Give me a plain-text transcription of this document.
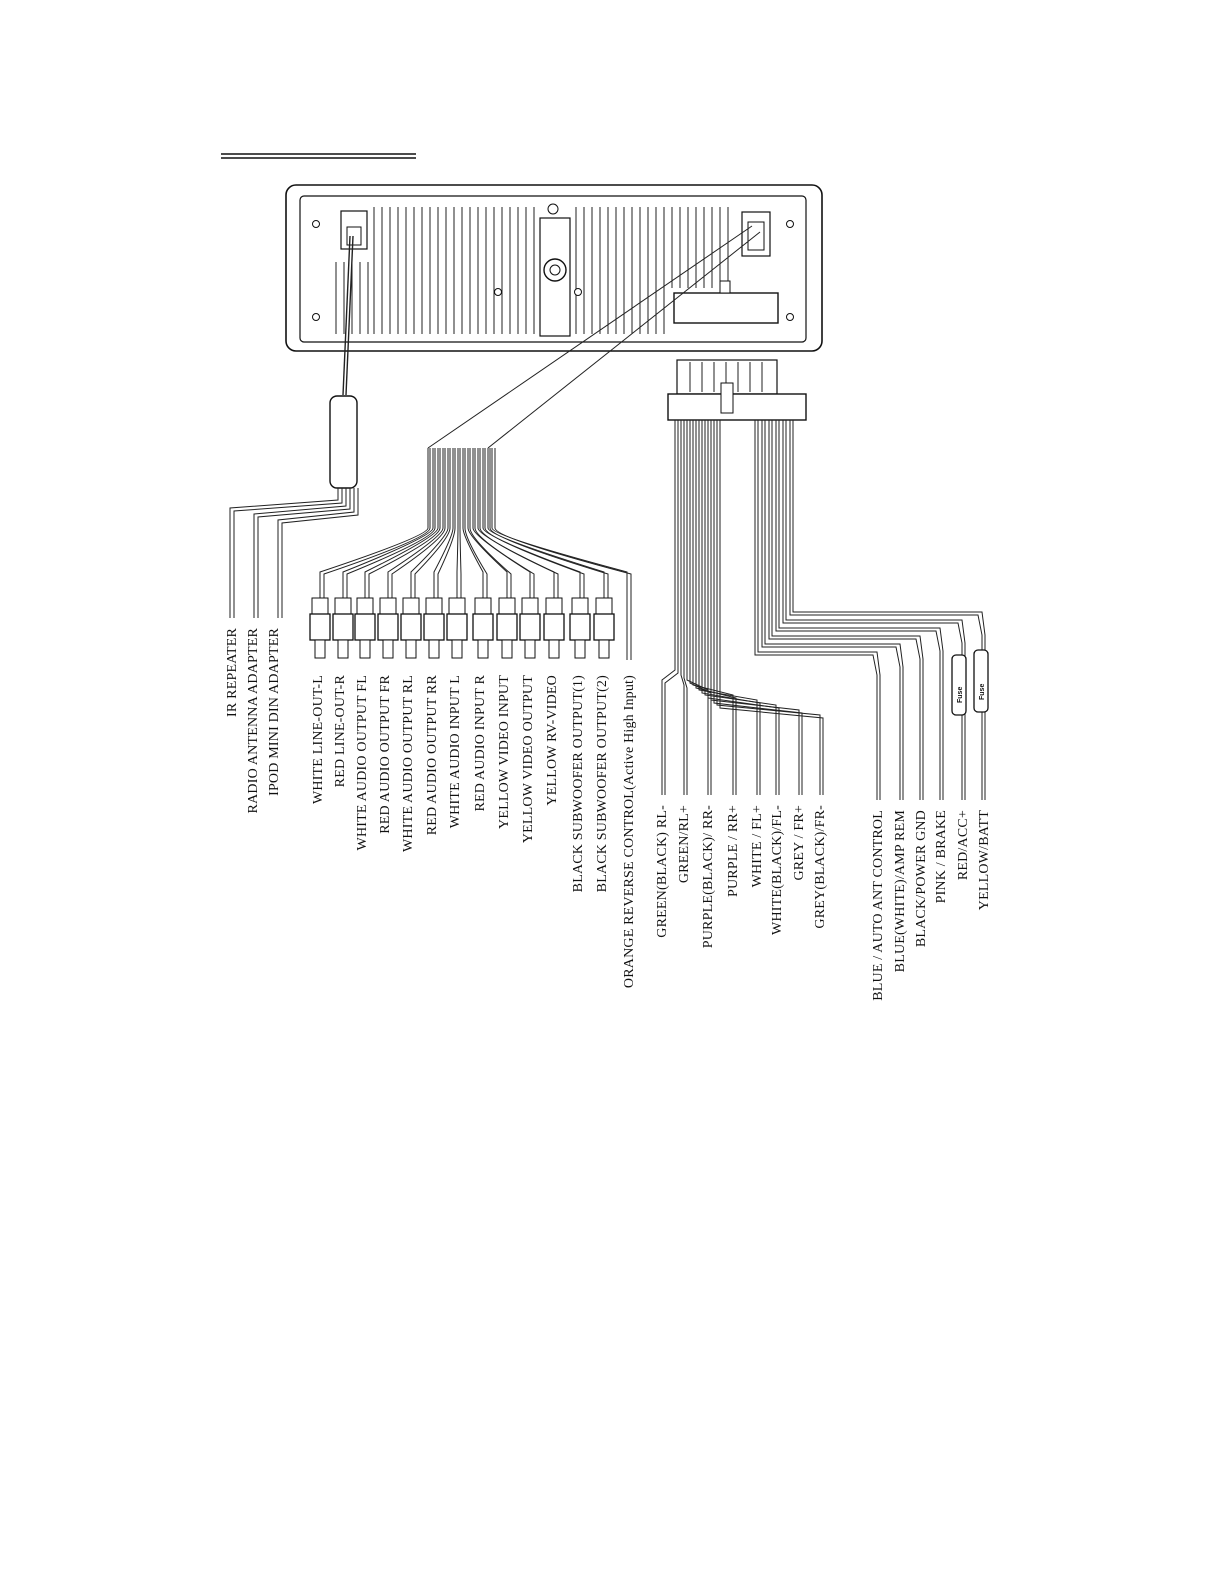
Fuse Fuse
IR REPEATER RADIO ANTENNA ADAPTER IPOD MINI DIN ADAPTER WHITE LINE-OUT-L RED LINE-OUT-R WHITE AUDIO OUTPUT FL RED AUDIO OUTPUT FR WHITE AUDIO OUTPUT RL RED AUDIO OUTPUT RR WHITE AUDIO INPUT L RED AUDIO INPUT R YELLOW VIDEO INPUT YELLOW VIDEO OUTPUT YELLOW RV-VIDEO BLACK SUBWOOFER OUTPUT(1) BLACK SUBWOOFER OUTPUT(2) ORANGE REVERSE CONTROL(Active High Input) GREEN(BLACK) RL- GREEN/RL+ PURPLE(BLACK)/ RR- PURPLE / RR+ WHITE / FL+ WHITE(BLACK)/FL- GREY / FR+ GREY(BLACK)/FR-	BLUE / AUTO ANT CONTROL BLUE(WHITE)/AMP REM BLACK/POWER GND PINK / BRAKE RED/ACC+ YELLOW/BATT
